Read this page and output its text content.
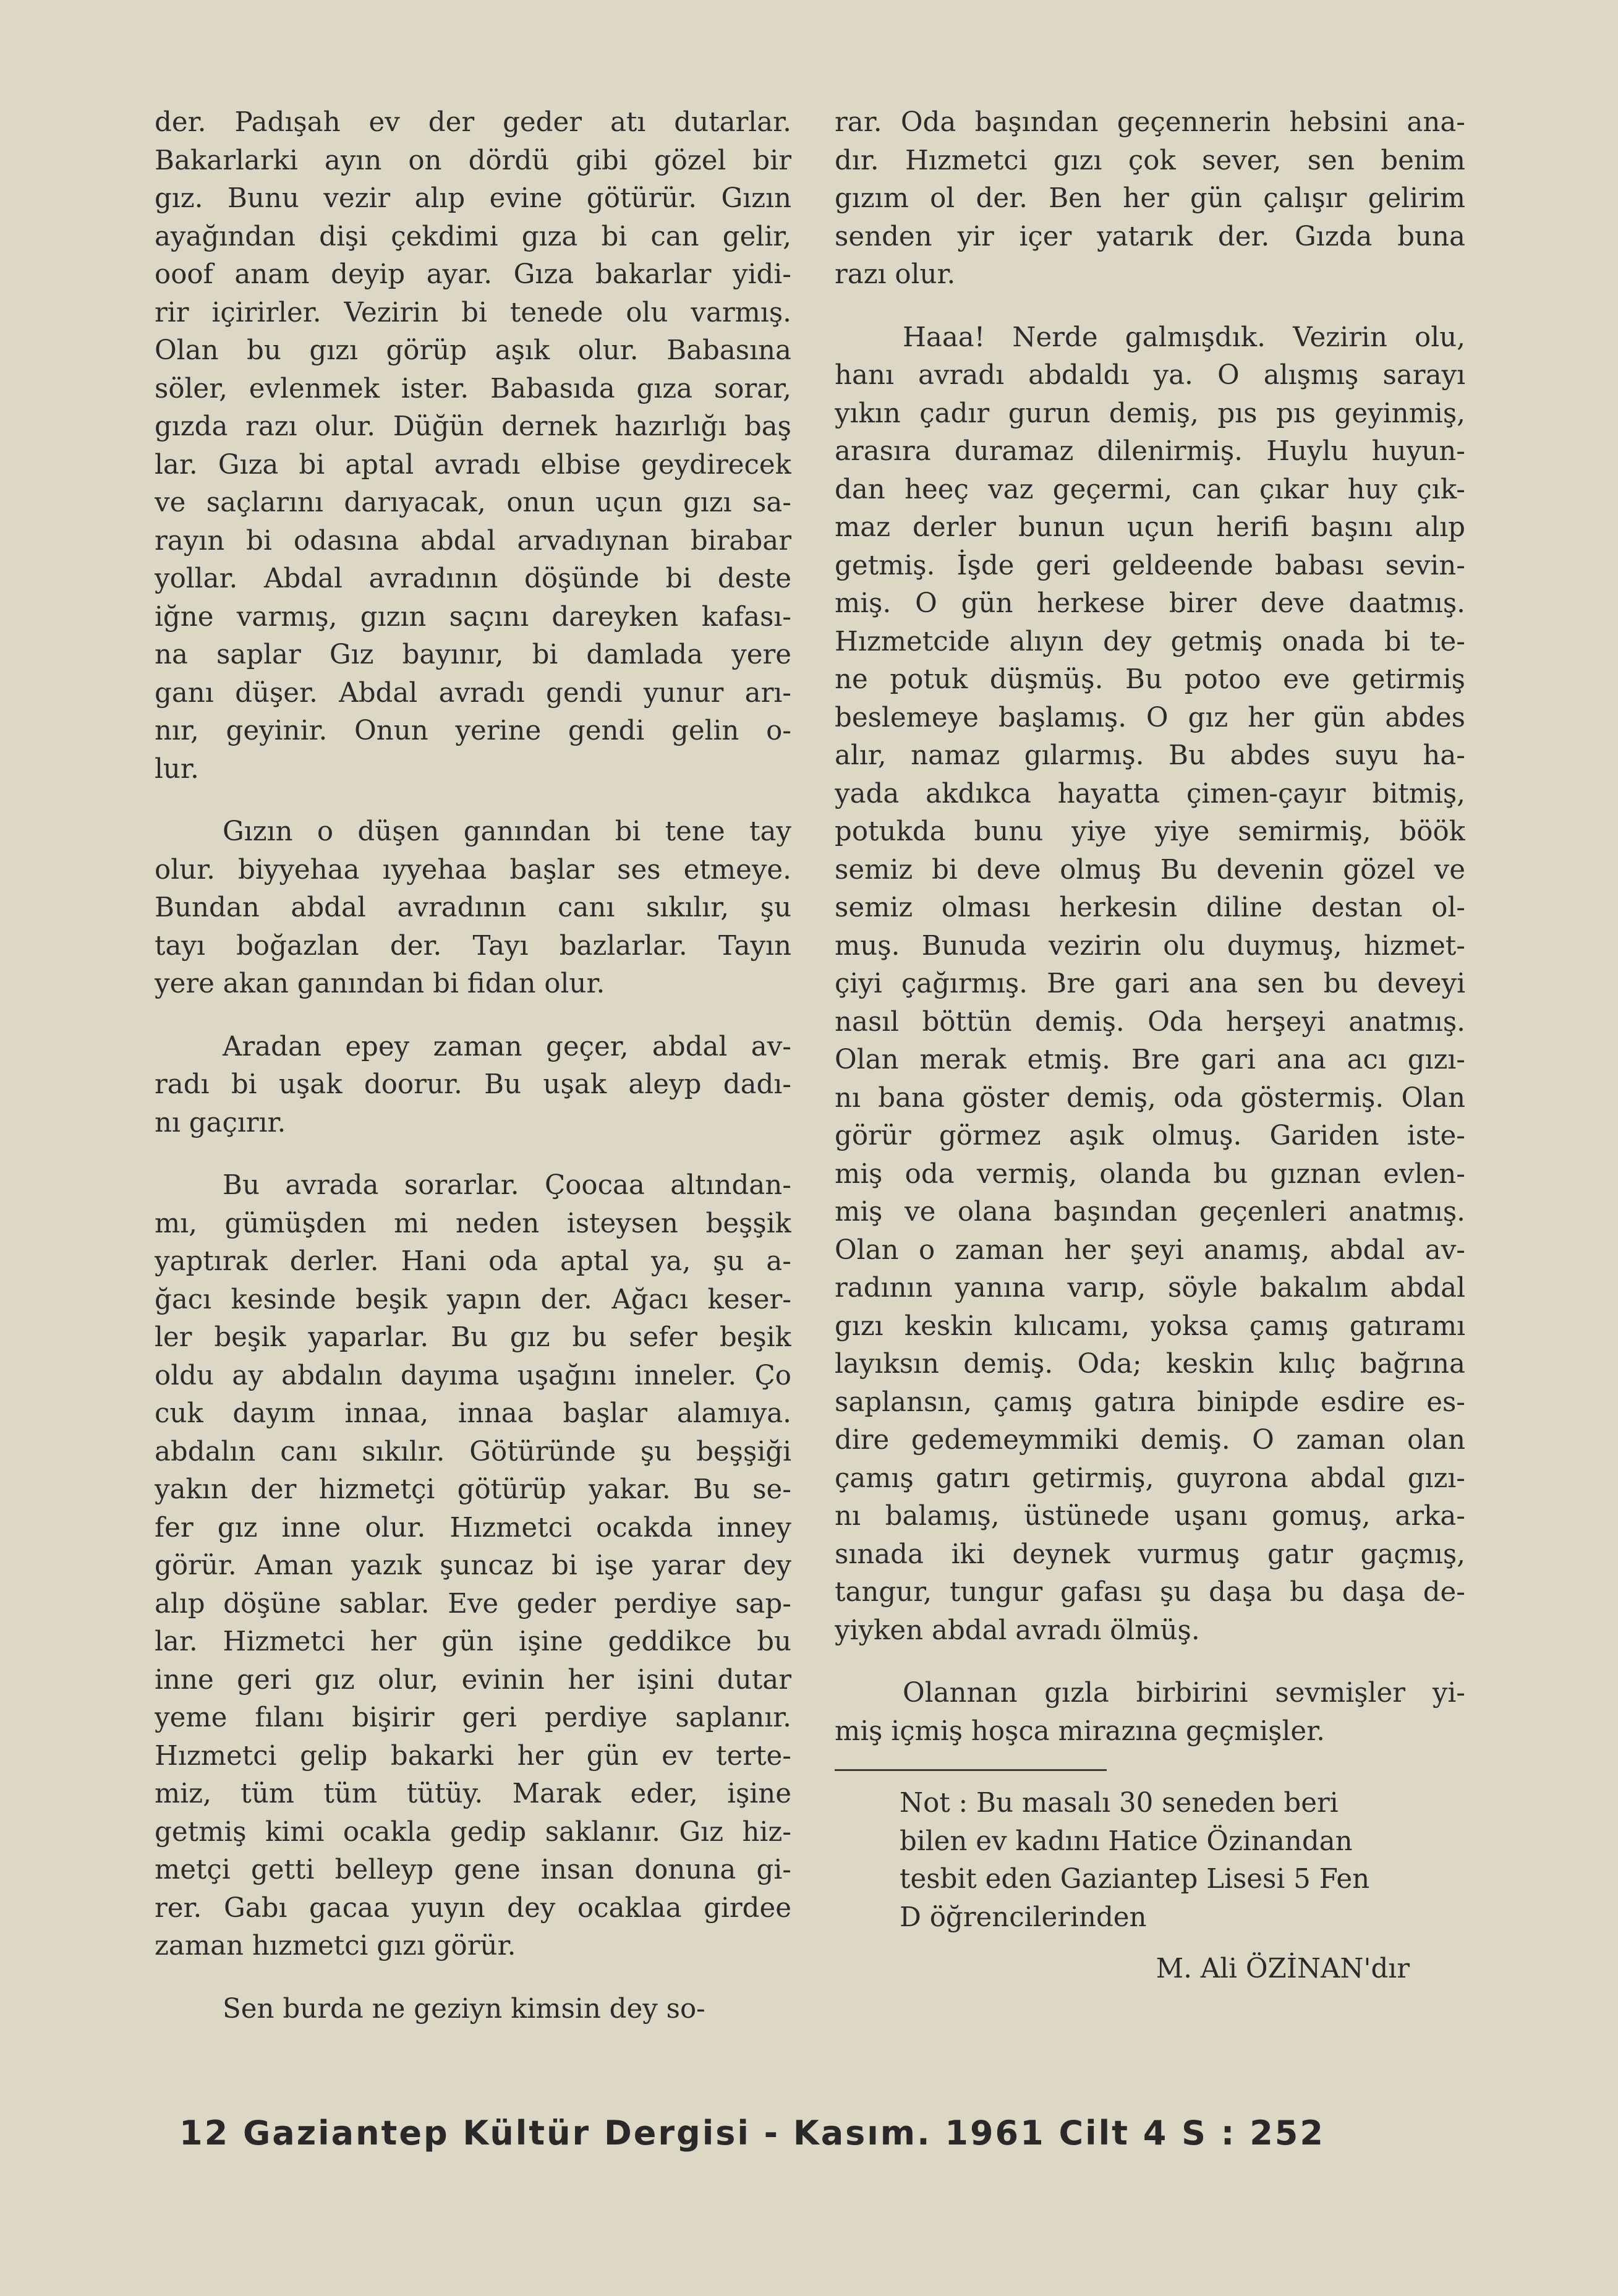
der. Padışah ev der geder atı dutarlar.
Bakarlarki ayın on dördü gibi gözel bir
gız. Bunu vezir alıp evine götürür. Gızın
ayağından dişi çekdimi gıza bi can gelir,
ooof anam deyip ayar. Gıza bakarlar yidi-
rir içirirler. Vezirin bi tenede olu varmış.
Olan bu gızı görüp aşık olur. Babasına
söler, evlenmek ister. Babasıda gıza sorar,
gızda razı olur. Düğün dernek hazırlığı baş
lar. Gıza bi aptal avradı elbise geydirecek
ve saçlarını darıyacak, onun uçun gızı sa-
rayın bi odasına abdal arvadıynan birabar
yollar. Abdal avradının döşünde bi deste
iğne varmış, gızın saçını dareyken kafası-
na saplar Gız bayınır, bi damlada yere
ganı düşer. Abdal avradı gendi yunur arı-
nır, geyinir. Onun yerine gendi gelin o-
lur.
Gızın o düşen ganından bi tene tay
olur. biyyehaa ıyyehaa başlar ses etmeye.
Bundan abdal avradının canı sıkılır, şu
tayı boğazlan der. Tayı bazlarlar. Tayın
yere akan ganından bi fidan olur.
Aradan epey zaman geçer, abdal av-
radı bi uşak doorur. Bu uşak aleyp dadı-
nı gaçırır.
Bu avrada sorarlar. Çoocaa altından-
mı, gümüşden mi neden isteysen beşşik
yaptırak derler. Hani oda aptal ya, şu a-
ğacı kesinde beşik yapın der. Ağacı keser-
ler beşik yaparlar. Bu gız bu sefer beşik
oldu ay abdalın dayıma uşağını inneler. Ço
cuk dayım innaa, innaa başlar alamıya.
abdalın canı sıkılır. Götüründe şu beşşiği
yakın der hizmetçi götürüp yakar. Bu se-
fer gız inne olur. Hızmetci ocakda inney
görür. Aman yazık şuncaz bi işe yarar dey
alıp döşüne sablar. Eve geder perdiye sap-
lar. Hizmetci her gün işine geddikce bu
inne geri gız olur, evinin her işini dutar
yeme fılanı bişirir geri perdiye saplanır.
Hızmetci gelip bakarki her gün ev terte-
miz, tüm tüm tütüy. Marak eder, işine
getmiş kimi ocakla gedip saklanır. Gız hiz-
metçi getti belleyp gene insan donuna gi-
rer. Gabı gacaa yuyın dey ocaklaa girdee
zaman hızmetci gızı görür.
Sen burda ne geziyn kimsin dey so-
rar. Oda başından geçennerin hebsini ana-
dır. Hızmetci gızı çok sever, sen benim
gızım ol der. Ben her gün çalışır gelirim
senden yir içer yatarık der. Gızda buna
razı olur.
Haaa! Nerde galmışdık. Vezirin olu,
hanı avradı abdaldı ya. O alışmış sarayı
yıkın çadır gurun demiş, pıs pıs geyinmiş,
arasıra duramaz dilenirmiş. Huylu huyun-
dan heeç vaz geçermi, can çıkar huy çık-
maz derler bunun uçun herifi başını alıp
getmiş. İşde geri geldeende babası sevin-
miş. O gün herkese birer deve daatmış.
Hızmetcide alıyın dey getmiş onada bi te-
ne potuk düşmüş. Bu potoo eve getirmiş
beslemeye başlamış. O gız her gün abdes
alır, namaz gılarmış. Bu abdes suyu ha-
yada akdıkca hayatta çimen-çayır bitmiş,
potukda bunu yiye yiye semirmiş, böök
semiz bi deve olmuş Bu devenin gözel ve
semiz olması herkesin diline destan ol-
muş. Bunuda vezirin olu duymuş, hizmet-
çiyi çağırmış. Bre gari ana sen bu deveyi
nasıl böttün demiş. Oda herşeyi anatmış.
Olan merak etmiş. Bre gari ana acı gızı-
nı bana göster demiş, oda göstermiş. Olan
görür görmez aşık olmuş. Gariden iste-
miş oda vermiş, olanda bu gıznan evlen-
miş ve olana başından geçenleri anatmış.
Olan o zaman her şeyi anamış, abdal av-
radının yanına varıp, söyle bakalım abdal
gızı keskin kılıcamı, yoksa çamış gatıramı
layıksın demiş. Oda; keskin kılıç bağrına
saplansın, çamış gatıra binipde esdire es-
dire gedemeymmiki demiş. O zaman olan
çamış gatırı getirmiş, guyrona abdal gızı-
nı balamış, üstünede uşanı gomuş, arka-
sınada iki deynek vurmuş gatır gaçmış,
tangur, tungur gafası şu daşa bu daşa de-
yiyken abdal avradı ölmüş.
Olannan gızla birbirini sevmişler yi-
miş içmiş hoşca mirazına geçmişler.
Not : Bu masalı 30 seneden beri
bilen ev kadını Hatice Özinandan
tesbit eden Gaziantep Lisesi 5 Fen
D öğrencilerinden
M. Ali ÖZİNAN'dır
12 Gaziantep Kültür Dergisi - Kasım. 1961 Cilt 4 S : 252
